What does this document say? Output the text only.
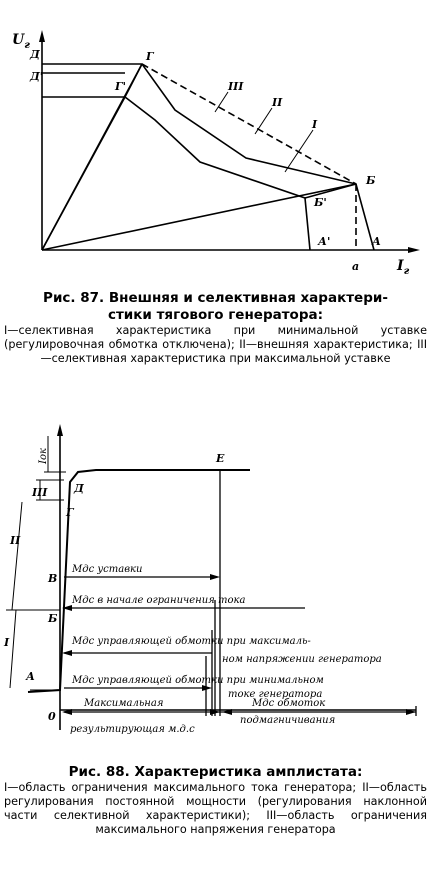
$U_г$
$I_г$
Д
Д'
Г
Г'
Б
Б'
А
А'
а
III
II
I
Рис. 87. Внешняя и селективная характери-
стики тягового генератора:
I—селективная характеристика при минимальной уставке (регулировочная обмотка отключена); II—внешняя характеристика; III—селективная характеристика при максимальной уставке
Iок	Е
Д
Г
В
Б
А
0
III
II
I
Мдс уставки
Мдс в начале ограничения тока
Мдс управляющей обмотки при максималь-
ном напряжении генератора
Мдс управляющей обмотки при минимальном
токе генератора
Максимальная
результирующая м.д.с
Мдс обмоток
подмагничивания
Рис. 88. Характеристика амплистата:
I—область ограничения максимального тока генератора; II—область регулирования постоянной мощности (регулирования наклонной части селективной характеристики); III—область ограничения максимального напряжения генератора
